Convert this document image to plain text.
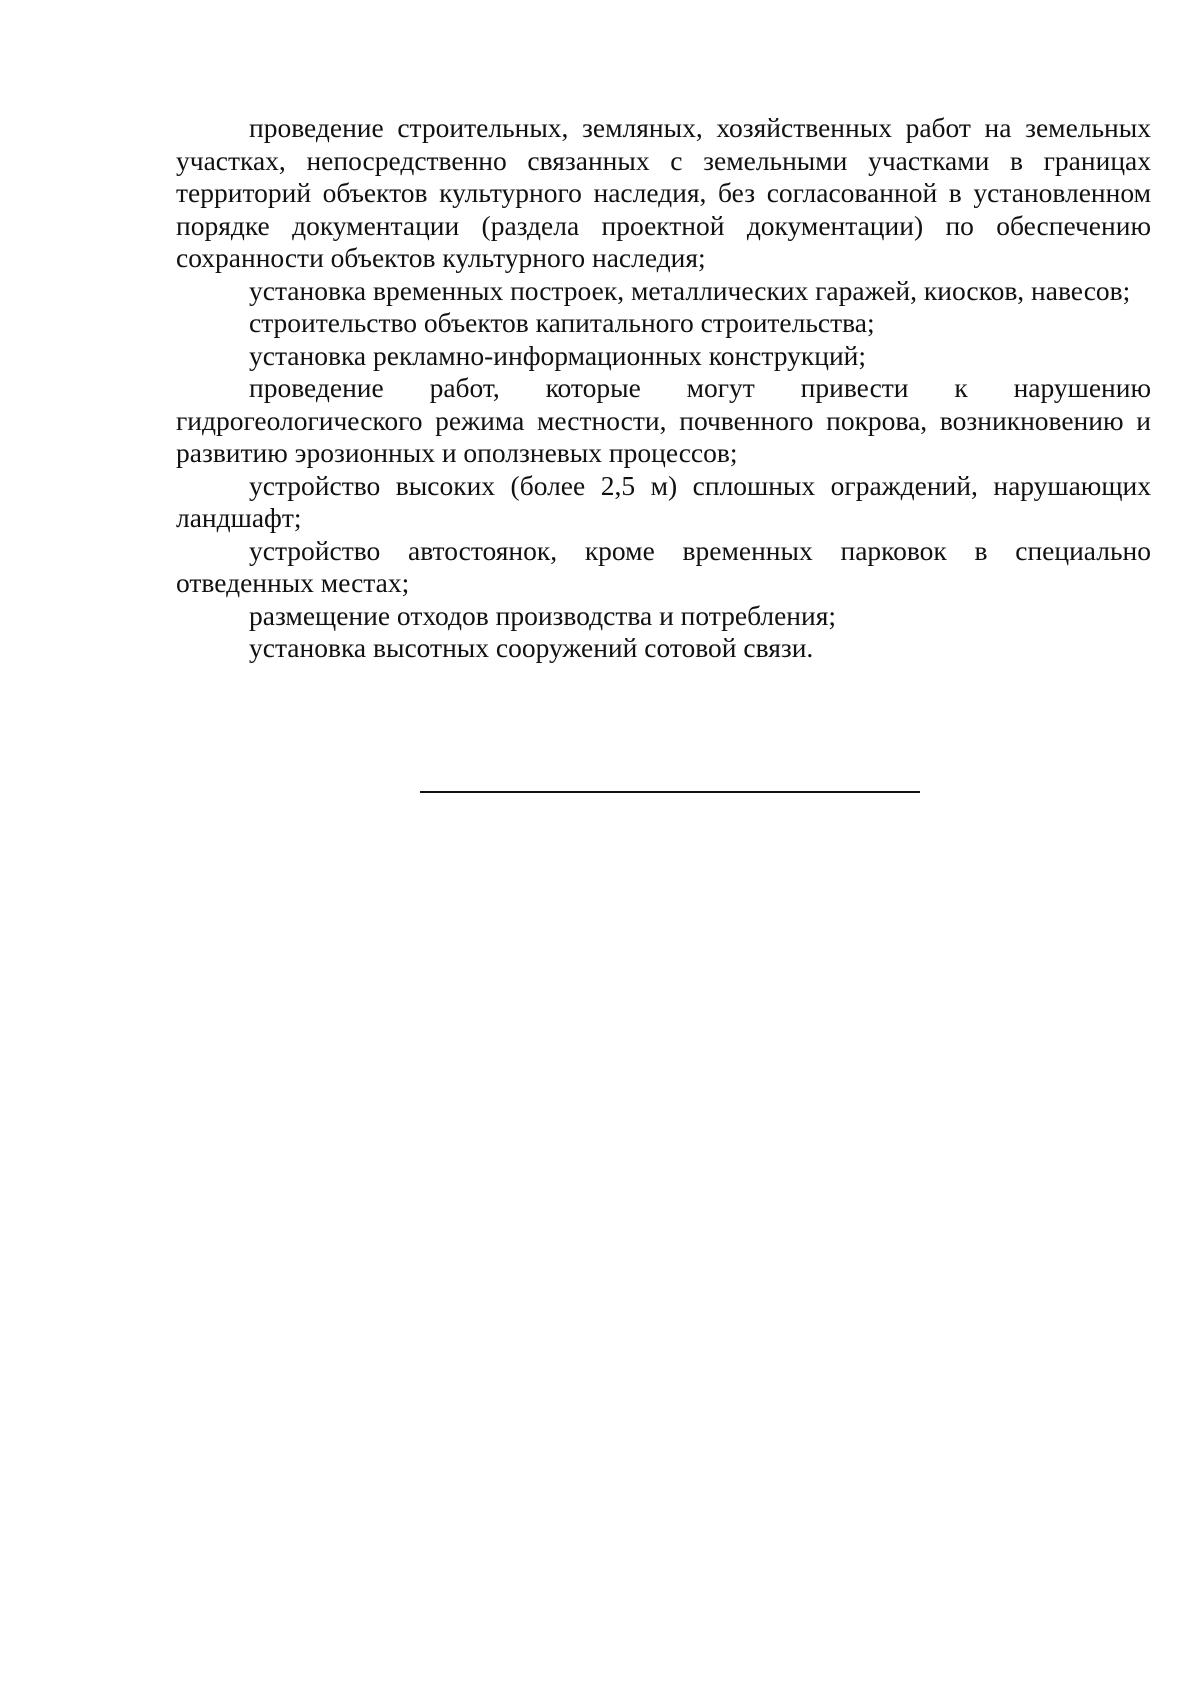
проведение строительных, земляных, хозяйственных работ на земельных участках, непосредственно связанных с земельными участками в границах территорий объектов культурного наследия, без согласованной в установленном порядке документации (раздела проектной документации) по обеспечению сохранности объектов культурного наследия;

установка временных построек, металлических гаражей, киосков, навесов;

строительство объектов капитального строительства;

установка рекламно-информационных конструкций;

проведение работ, которые могут привести к нарушению гидрогеологического режима местности, почвенного покрова, возникновению и развитию эрозионных и оползневых процессов;

устройство высоких (более 2,5 м) сплошных ограждений, нарушающих ландшафт;

устройство автостоянок, кроме временных парковок в специально отведенных местах;

размещение отходов производства и потребления;

установка высотных сооружений сотовой связи.
